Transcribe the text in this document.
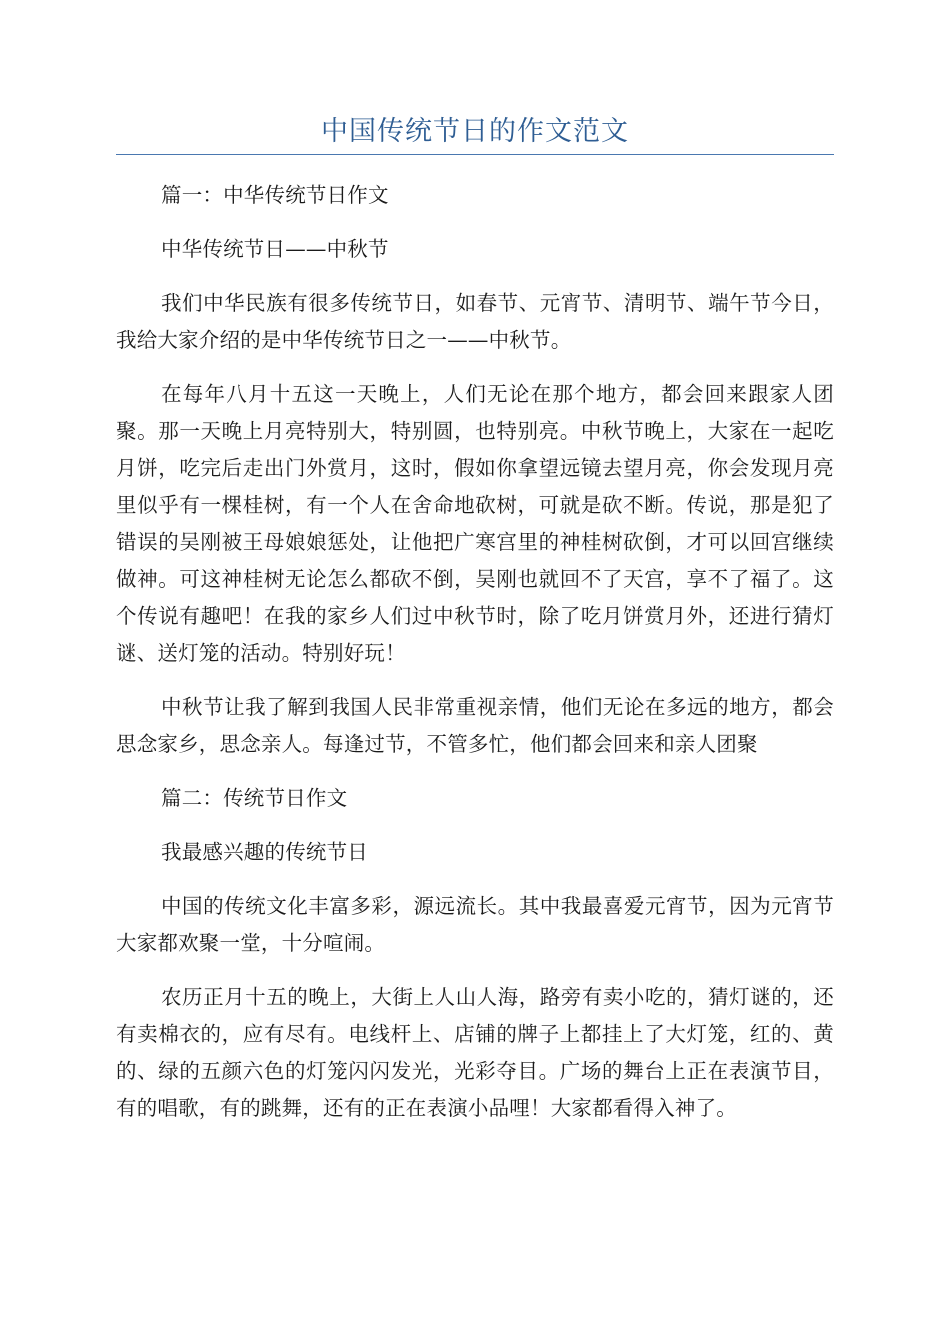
中国传统节日的作文范文

篇一：中华传统节日作文

中华传统节日——中秋节

我们中华民族有很多传统节日，如春节、元宵节、清明节、端午节今日，我给大家介绍的是中华传统节日之一——中秋节。

在每年八月十五这一天晚上，人们无论在那个地方，都会回来跟家人团聚。那一天晚上月亮特别大，特别圆，也特别亮。中秋节晚上，大家在一起吃月饼，吃完后走出门外赏月，这时，假如你拿望远镜去望月亮，你会发现月亮里似乎有一棵桂树，有一个人在舍命地砍树，可就是砍不断。传说，那是犯了错误的吴刚被王母娘娘惩处，让他把广寒宫里的神桂树砍倒，才可以回宫继续做神。可这神桂树无论怎么都砍不倒，吴刚也就回不了天宫，享不了福了。这个传说有趣吧！在我的家乡人们过中秋节时，除了吃月饼赏月外，还进行猜灯谜、送灯笼的活动。特别好玩！

中秋节让我了解到我国人民非常重视亲情，他们无论在多远的地方，都会思念家乡，思念亲人。每逢过节，不管多忙，他们都会回来和亲人团聚

篇二：传统节日作文

我最感兴趣的传统节日

中国的传统文化丰富多彩，源远流长。其中我最喜爱元宵节，因为元宵节大家都欢聚一堂，十分喧闹。

农历正月十五的晚上，大街上人山人海，路旁有卖小吃的，猜灯谜的，还有卖棉衣的，应有尽有。电线杆上、店铺的牌子上都挂上了大灯笼，红的、黄的、绿的五颜六色的灯笼闪闪发光，光彩夺目。广场的舞台上正在表演节目，有的唱歌，有的跳舞，还有的正在表演小品哩！大家都看得入神了。
